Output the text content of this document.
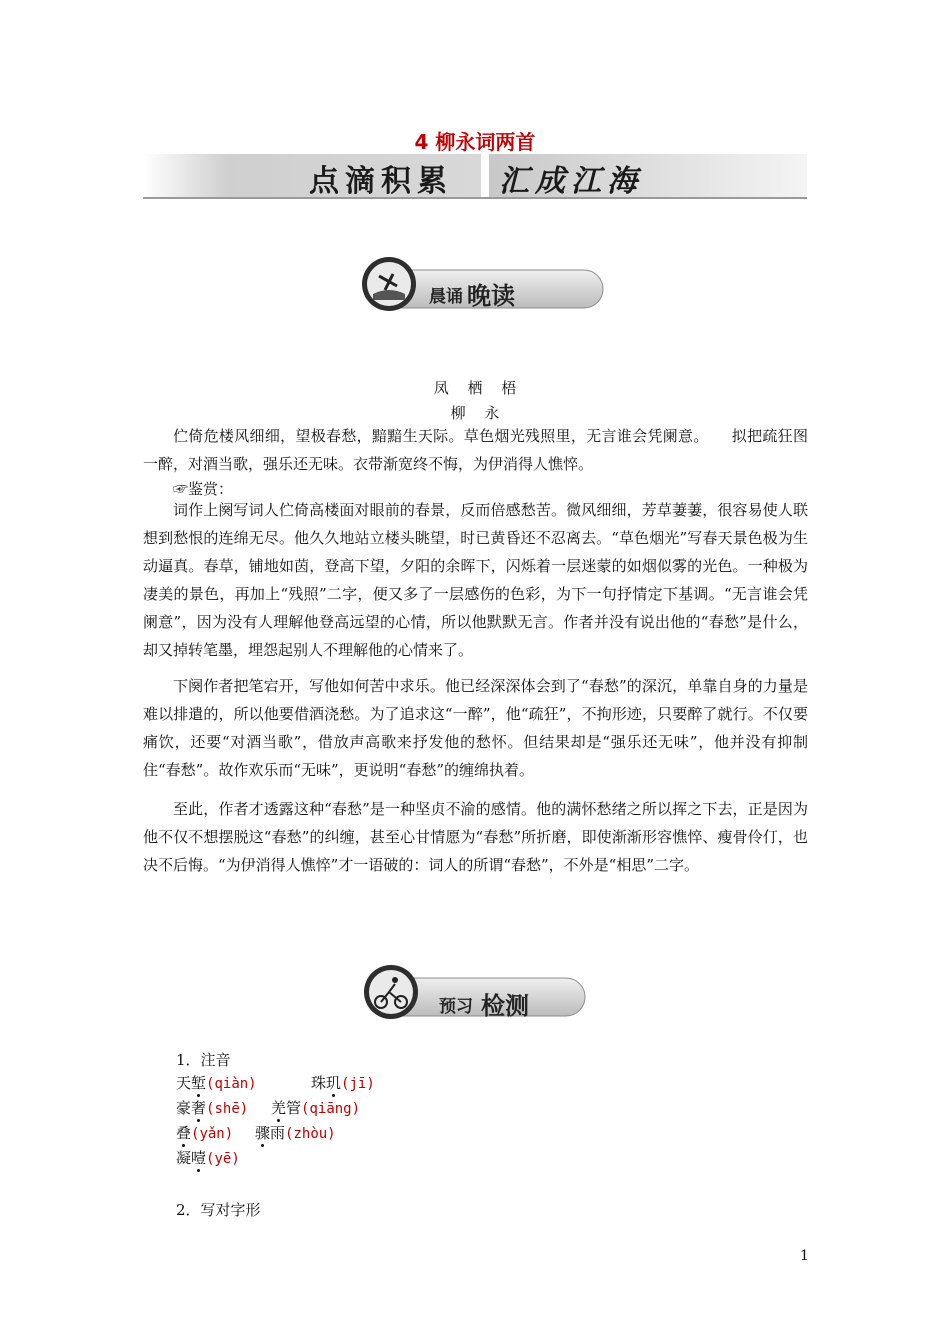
4 柳永词两首
点滴积累 汇成江海
晨诵 晚读
凤 栖 梧
柳 永

伫倚危楼风细细，望极春愁，黯黯生天际。草色烟光残照里，无言谁会凭阑意。　　拟把疏狂图一醉，对酒当歌，强乐还无味。衣带渐宽终不悔，为伊消得人憔悴。

☞鉴赏：

词作上阕写词人伫倚高楼面对眼前的春景，反而倍感愁苦。微风细细，芳草萋萋，很容易使人联想到愁恨的连绵无尽。他久久地站立楼头眺望，时已黄昏还不忍离去。“草色烟光”写春天景色极为生动逼真。春草，铺地如茵，登高下望，夕阳的余晖下，闪烁着一层迷蒙的如烟似雾的光色。一种极为凄美的景色，再加上“残照”二字，便又多了一层感伤的色彩，为下一句抒情定下基调。“无言谁会凭阑意”，因为没有人理解他登高远望的心情，所以他默默无言。作者并没有说出他的“春愁”是什么，却又掉转笔墨，埋怨起别人不理解他的心情来了。

下阕作者把笔宕开，写他如何苦中求乐。他已经深深体会到了“春愁”的深沉，单靠自身的力量是难以排遣的，所以他要借酒浇愁。为了追求这“一醉”，他“疏狂”，不拘形迹，只要醉了就行。不仅要痛饮，还要“对酒当歌”，借放声高歌来抒发他的愁怀。但结果却是“强乐还无味”，他并没有抑制住“春愁”。故作欢乐而“无味”，更说明“春愁”的缠绵执着。

至此，作者才透露这种“春愁”是一种坚贞不渝的感情。他的满怀愁绪之所以挥之下去，正是因为他不仅不想摆脱这“春愁”的纠缠，甚至心甘情愿为“春愁”所折磨，即使渐渐形容憔悴、瘦骨伶仃，也决不后悔。“为伊消得人憔悴”才一语破的：词人的所谓“春愁”，不外是“相思”二字。

预习 检测
1．注音
天堑(qiàn)	珠玑(jī)
豪奢(shē) 羌管(qiāng)
叠(yǎn) 骤雨(zhòu)
凝噎(yē)
2．写对字形
1
